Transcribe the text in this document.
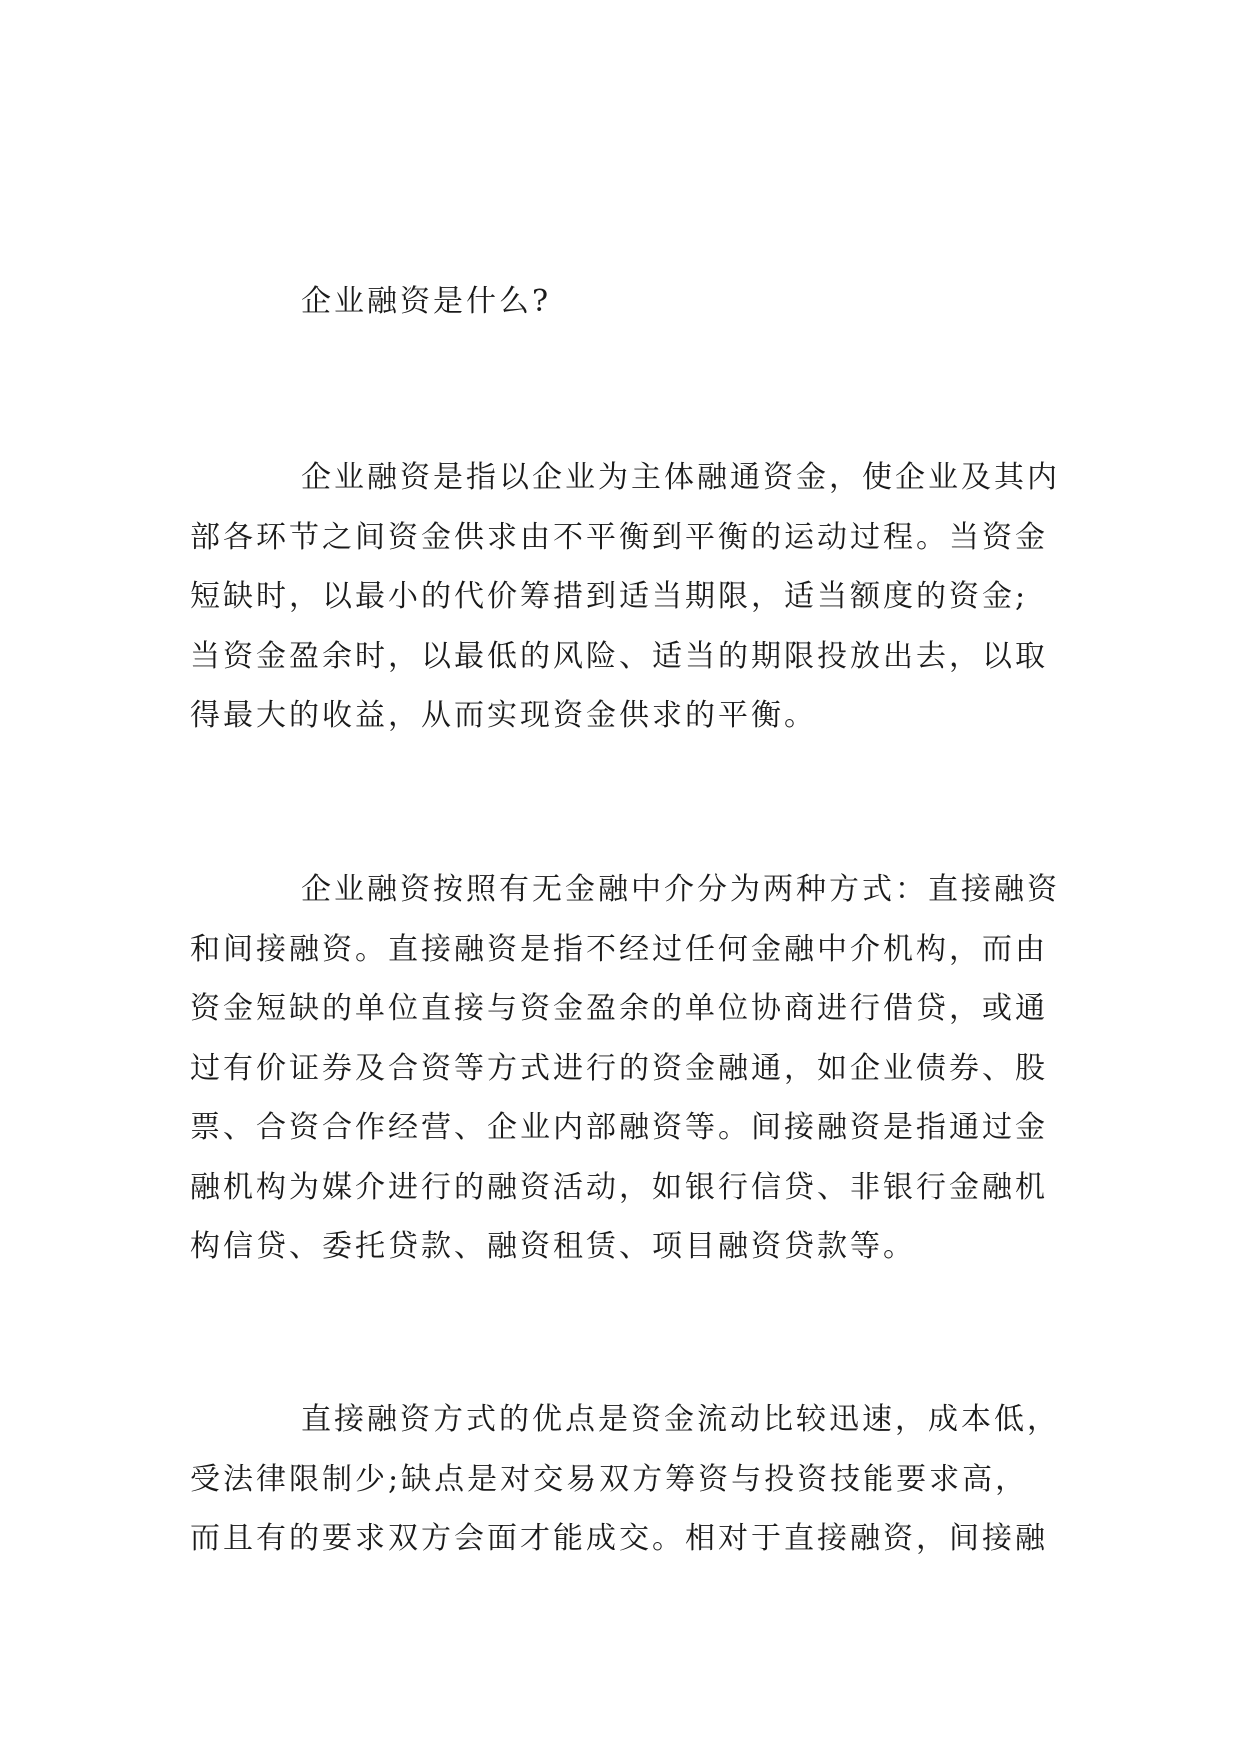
企业融资是什么?
企业融资是指以企业为主体融通资金，使企业及其内
部各环节之间资金供求由不平衡到平衡的运动过程。当资金
短缺时，以最小的代价筹措到适当期限，适当额度的资金;
当资金盈余时，以最低的风险、适当的期限投放出去，以取
得最大的收益，从而实现资金供求的平衡。
企业融资按照有无金融中介分为两种方式：直接融资
和间接融资。直接融资是指不经过任何金融中介机构，而由
资金短缺的单位直接与资金盈余的单位协商进行借贷，或通
过有价证券及合资等方式进行的资金融通，如企业债券、股
票、合资合作经营、企业内部融资等。间接融资是指通过金
融机构为媒介进行的融资活动，如银行信贷、非银行金融机
构信贷、委托贷款、融资租赁、项目融资贷款等。
直接融资方式的优点是资金流动比较迅速，成本低，
受法律限制少;缺点是对交易双方筹资与投资技能要求高，
而且有的要求双方会面才能成交。相对于直接融资，间接融
